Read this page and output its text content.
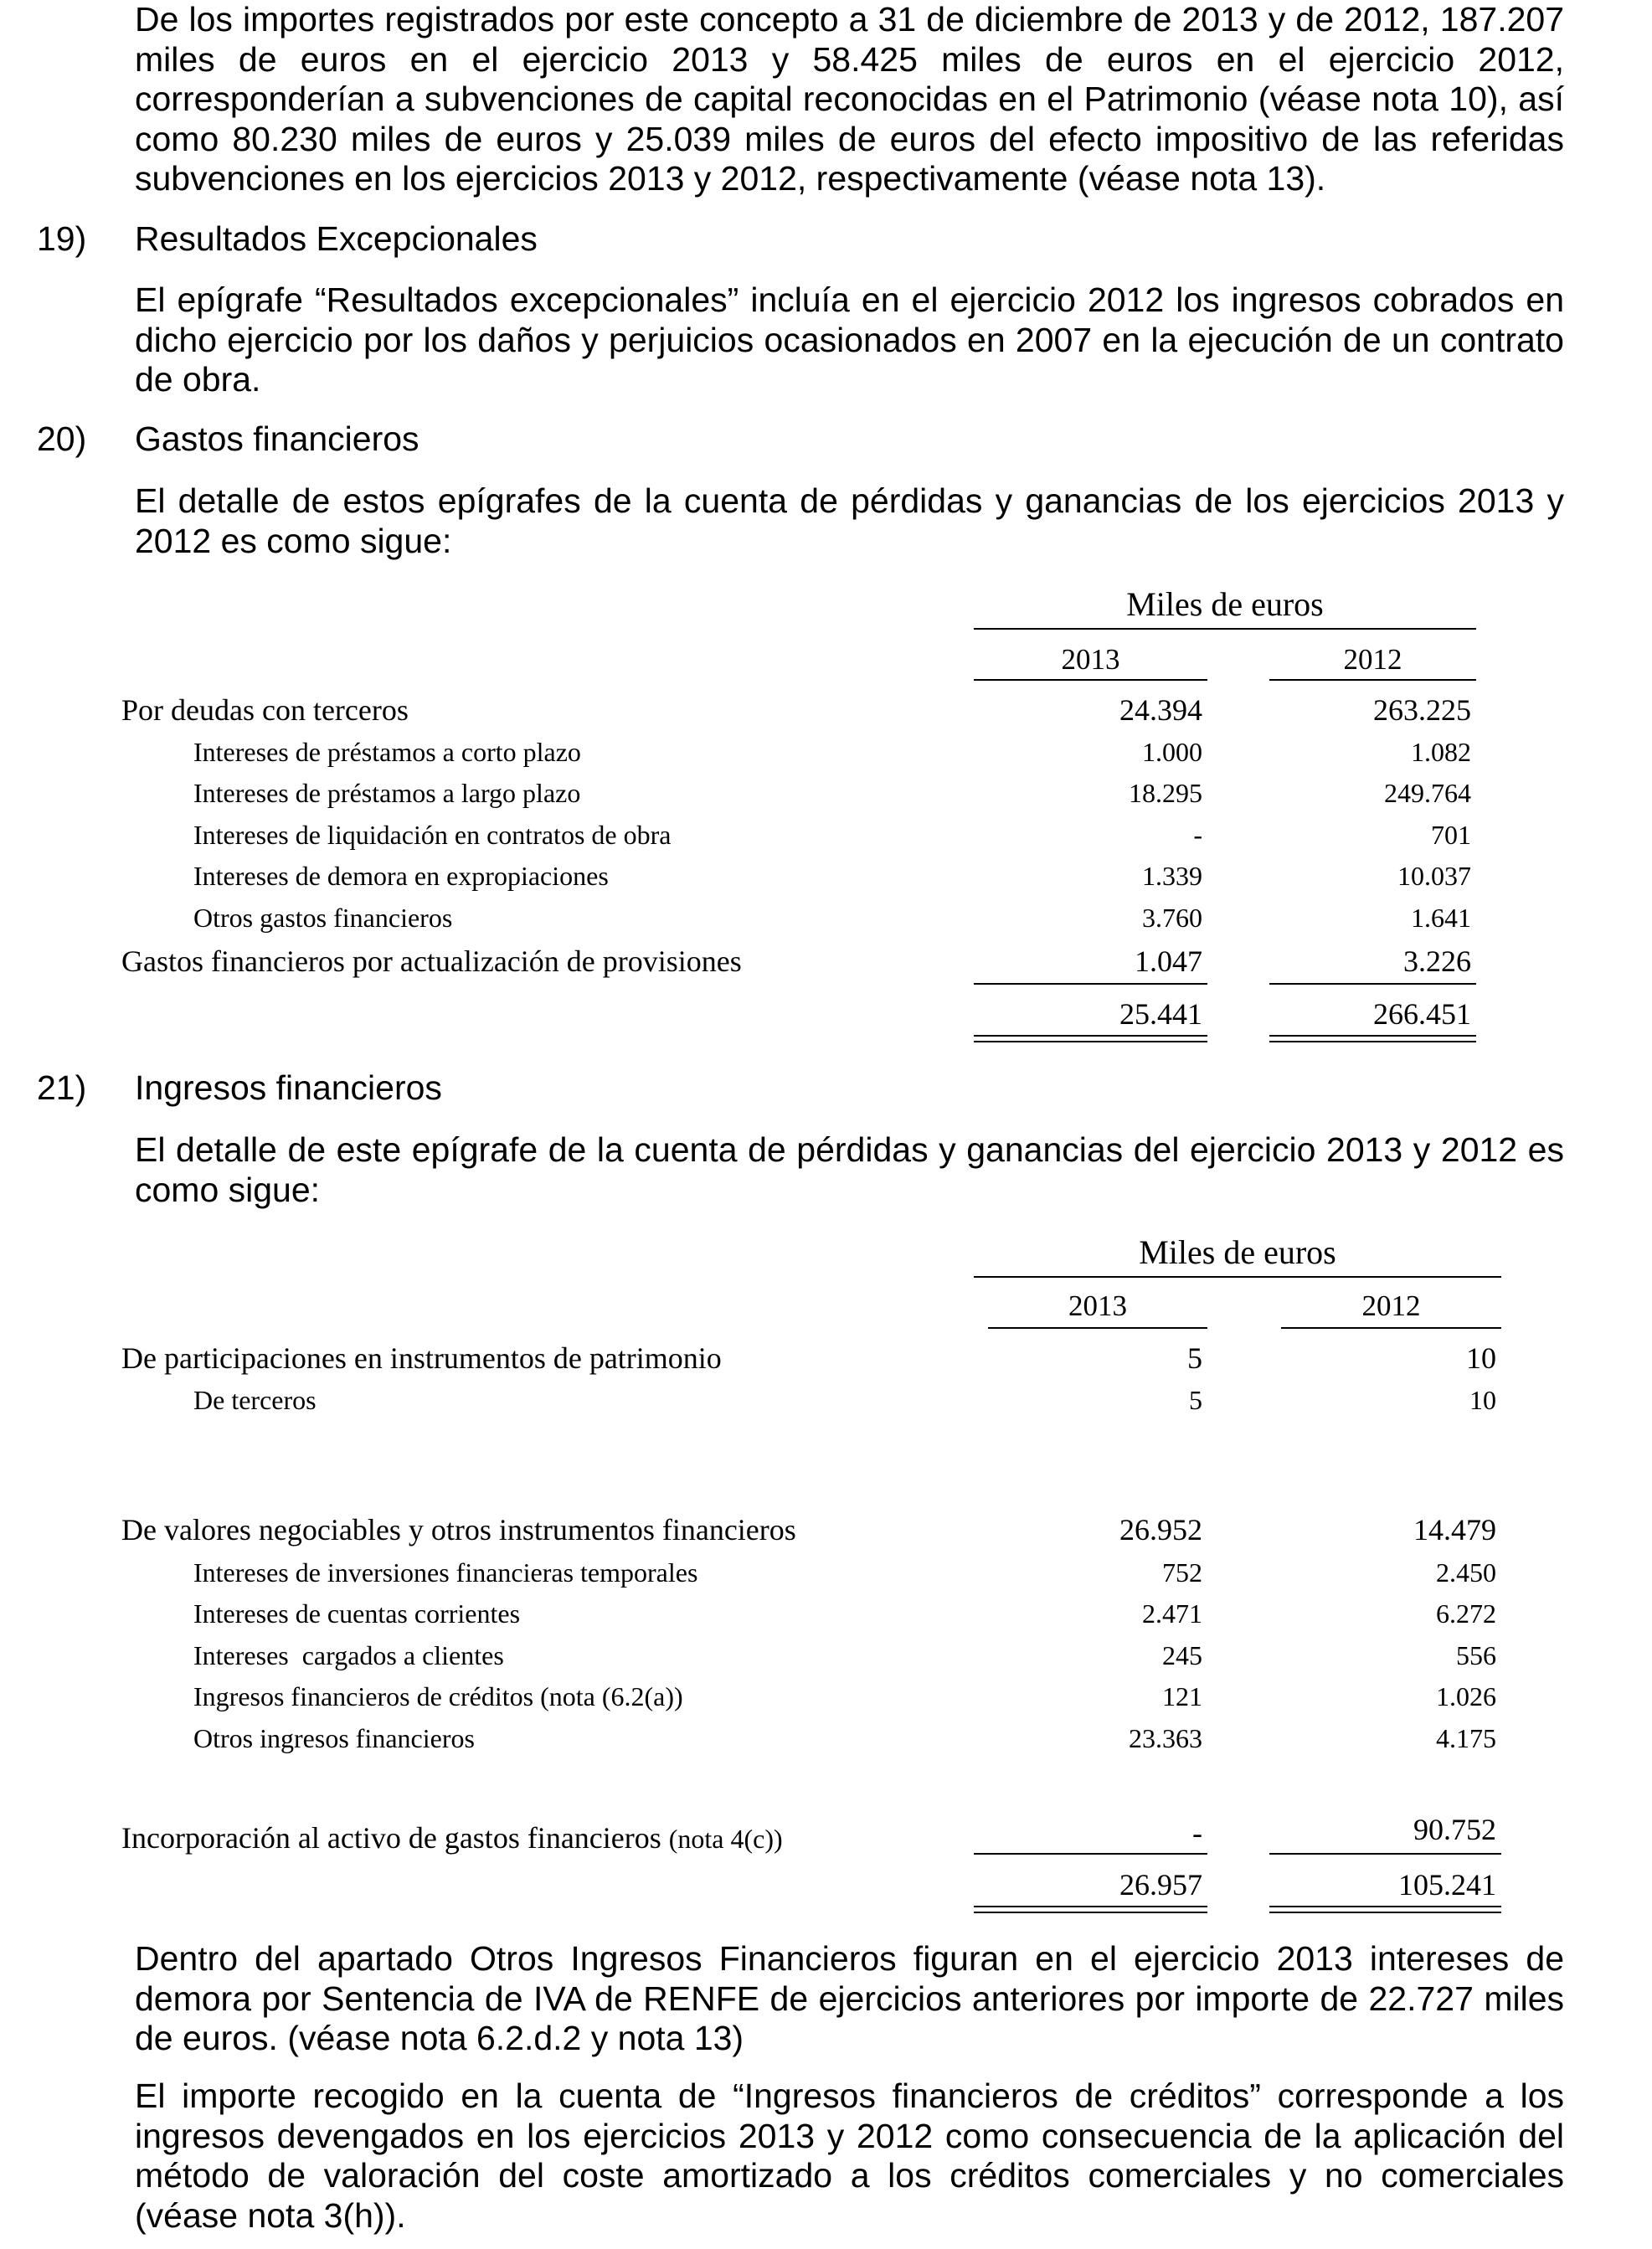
De los importes registrados por este concepto a 31 de diciembre de 2013 y de 2012, 187.207
miles de euros en el ejercicio 2013 y 58.425 miles de euros en el ejercicio 2012,
corresponderían a subvenciones de capital reconocidas en el Patrimonio (véase nota 10), así
como 80.230 miles de euros y 25.039 miles de euros del efecto impositivo de las referidas
subvenciones en los ejercicios 2013 y 2012, respectivamente (véase nota 13).
19) Resultados Excepcionales
El epígrafe “Resultados excepcionales” incluía en el ejercicio 2012 los ingresos cobrados en
dicho ejercicio por los daños y perjuicios ocasionados en 2007 en la ejecución de un contrato
de obra.
20) Gastos financieros
El detalle de estos epígrafes de la cuenta de pérdidas y ganancias de los ejercicios 2013 y
2012 es como sigue:
Miles de euros
2013	2012
Por deudas con terceros	24.394	263.225
Intereses de préstamos a corto plazo	1.000	1.082
Intereses de préstamos a largo plazo	18.295	249.764
Intereses de liquidación en contratos de obra	-	701
Intereses de demora en expropiaciones	1.339	10.037
Otros gastos financieros	3.760	1.641
Gastos financieros por actualización de provisiones	1.047	3.226
25.441	266.451
21) Ingresos financieros
El detalle de este epígrafe de la cuenta de pérdidas y ganancias del ejercicio 2013 y 2012 es
como sigue:
Miles de euros
2013	2012
De participaciones en instrumentos de patrimonio	5	10
De terceros	5	10
De valores negociables y otros instrumentos financieros	26.952	14.479
Intereses de inversiones financieras temporales	752	2.450
Intereses de cuentas corrientes	2.471	6.272
Intereses  cargados a clientes	245	556
Ingresos financieros de créditos (nota (6.2(a))	121	1.026
Otros ingresos financieros	23.363	4.175
Incorporación al activo de gastos financieros (nota 4(c))	-	90.752
26.957	105.241
Dentro del apartado Otros Ingresos Financieros figuran en el ejercicio 2013 intereses de
demora por Sentencia de IVA de RENFE de ejercicios anteriores por importe de 22.727 miles
de euros. (véase nota 6.2.d.2 y nota 13)
El importe recogido en la cuenta de “Ingresos financieros de créditos” corresponde a los
ingresos devengados en los ejercicios 2013 y 2012 como consecuencia de la aplicación del
método de valoración del coste amortizado a los créditos comerciales y no comerciales
(véase nota 3(h)).
